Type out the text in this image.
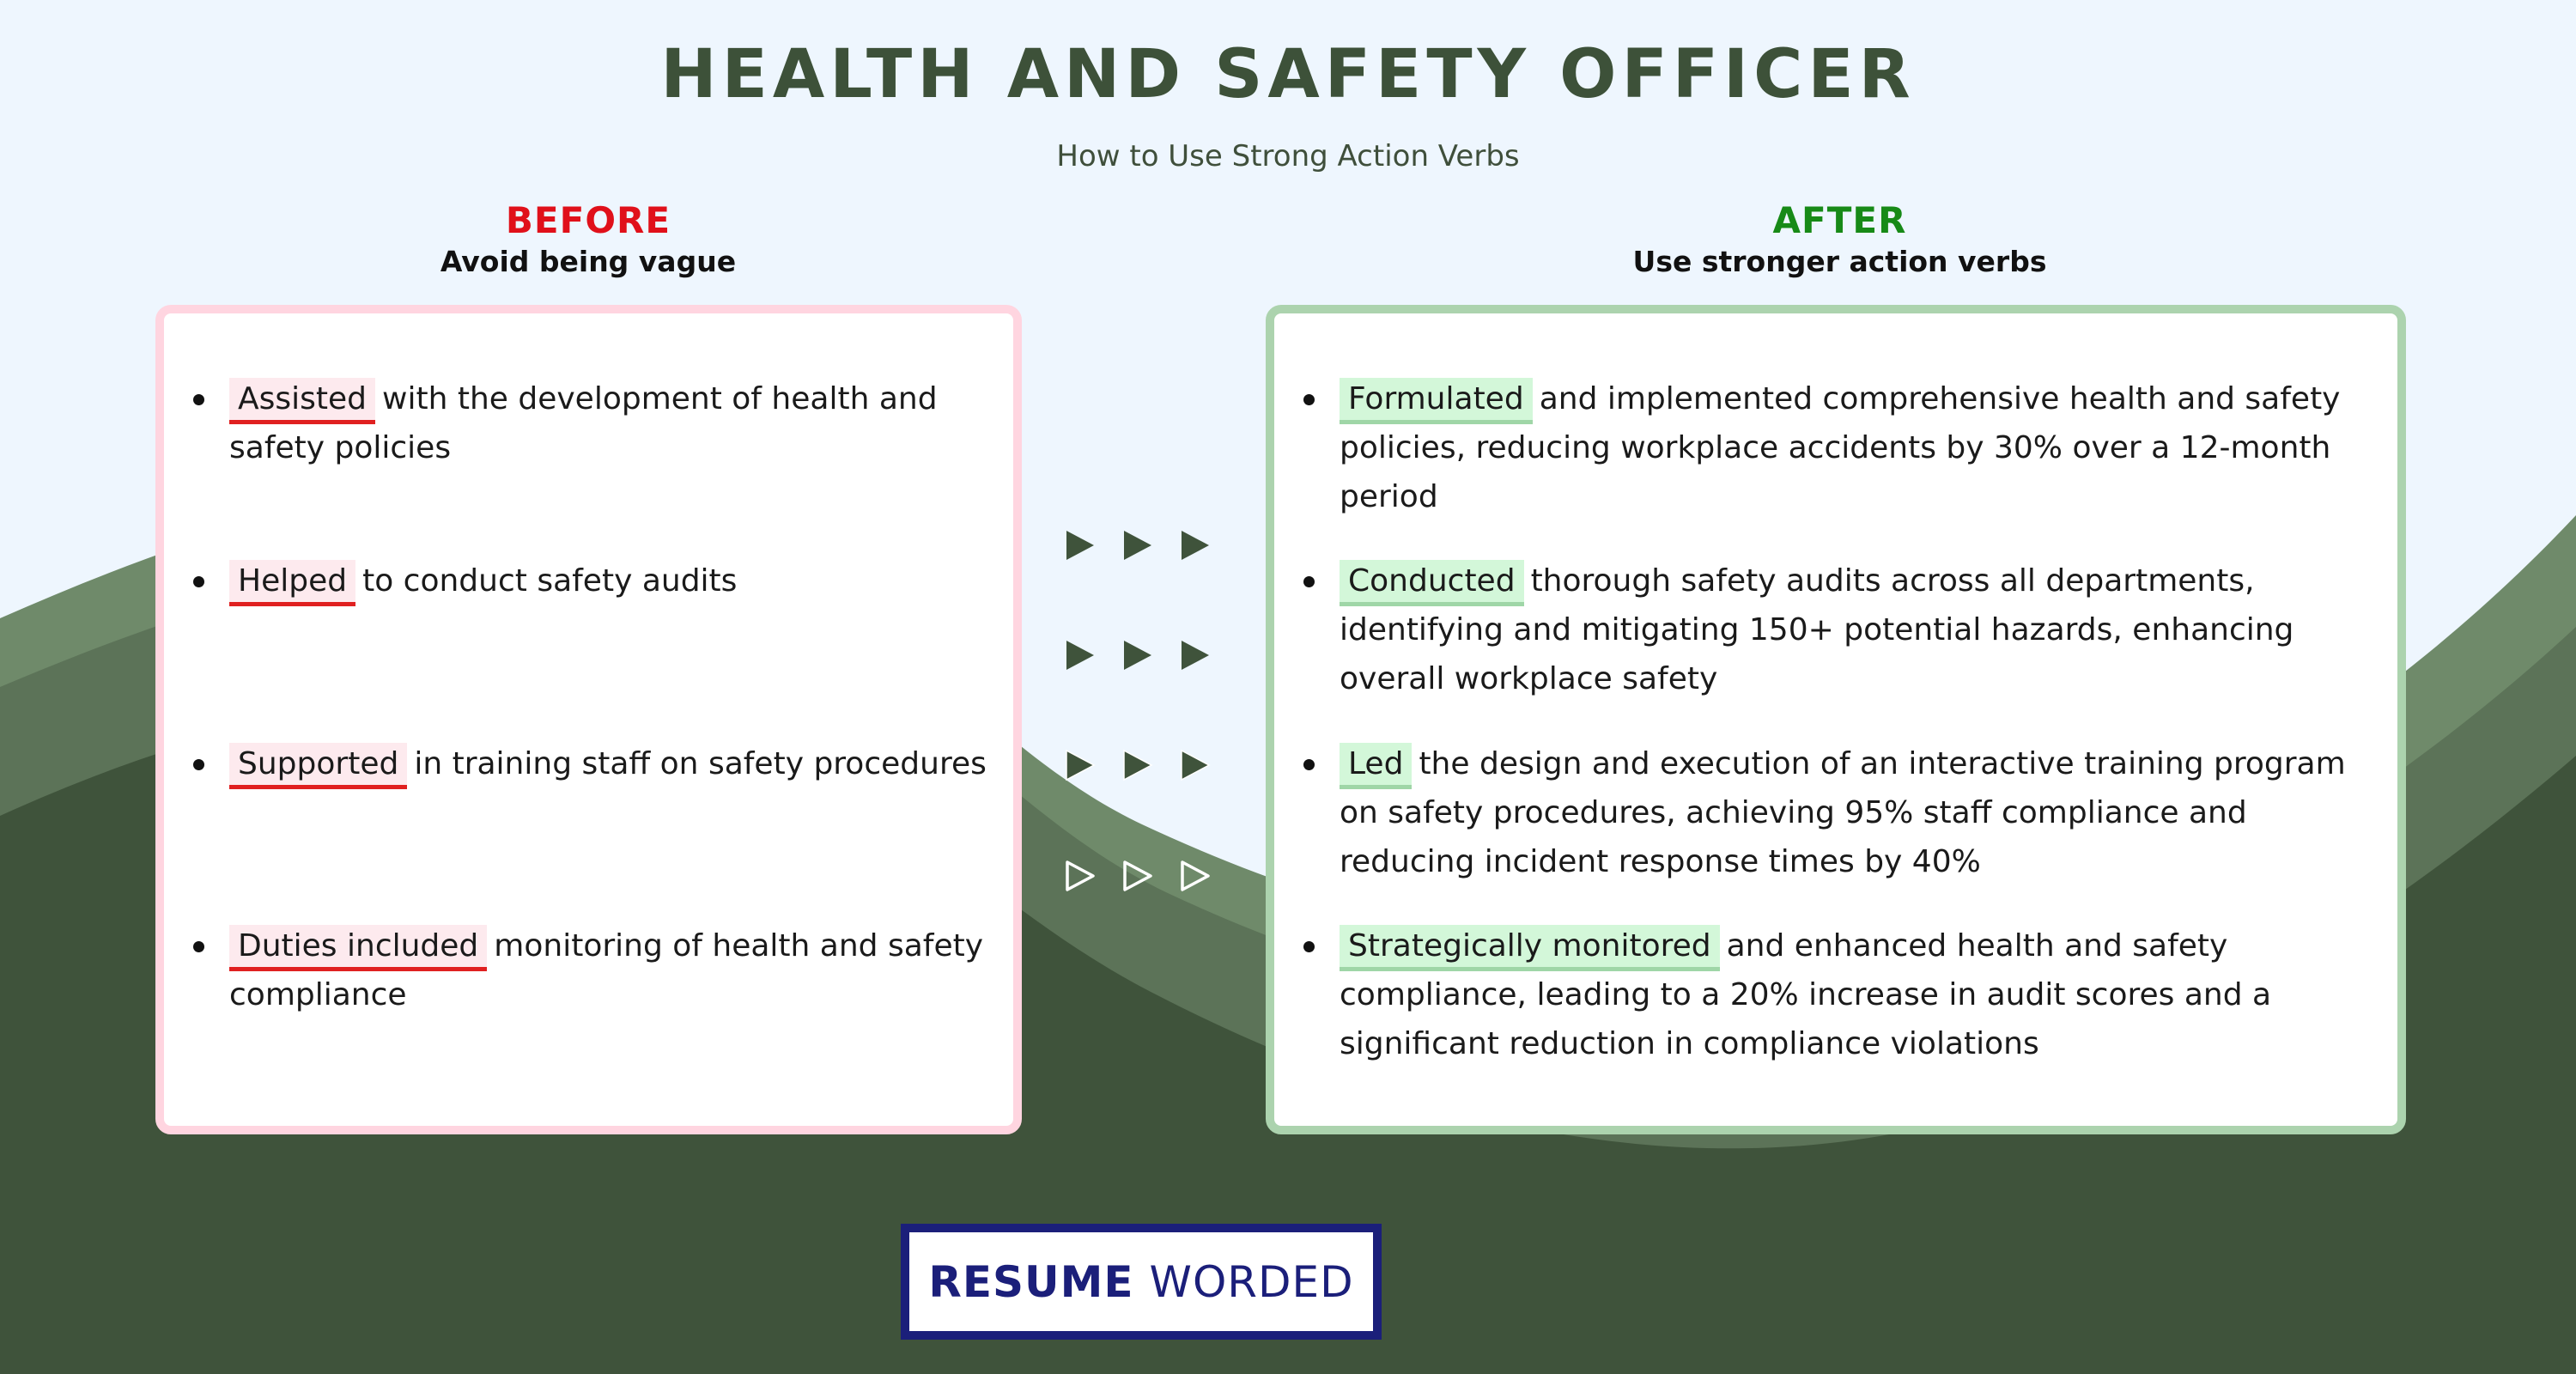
HEALTH AND SAFETY OFFICER
How to Use Strong Action Verbs
BEFORE
Avoid being vague
AFTER
Use stronger action verbs
Assisted with the development of health and safety policies
Helped to conduct safety audits
Supported in training staff on safety procedures
Duties included monitoring of health and safety compliance
Formulated and implemented comprehensive health and safety policies, reducing workplace accidents by 30% over a 12-month period
Conducted thorough safety audits across all departments, identifying and mitigating 150+ potential hazards, enhancing overall workplace safety
Led the design and execution of an interactive training program on safety procedures, achieving 95% staff compliance and reducing incident response times by 40%
Strategically monitored and enhanced health and safety compliance, leading to a 20% increase in audit scores and a significant reduction in compliance violations
RESUME WORDED
